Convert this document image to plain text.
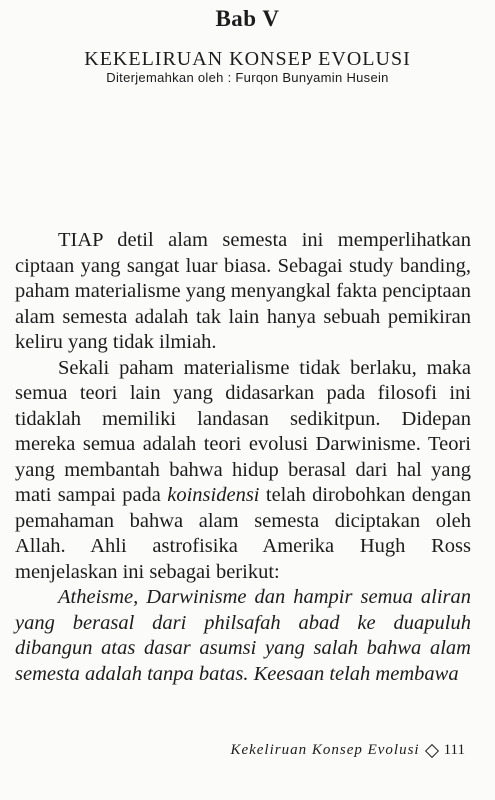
Bab V
KEKELIRUAN KONSEP EVOLUSI
Diterjemahkan oleh : Furqon Bunyamin Husein

TIAP detil alam semesta ini memperlihatkan ciptaan yang sangat luar biasa. Sebagai study banding, paham materialisme yang menyangkal fakta penciptaan alam semesta adalah tak lain hanya sebuah pemikiran keliru yang tidak ilmiah.

Sekali paham materialisme tidak berlaku, maka semua teori lain yang didasarkan pada filosofi ini tidaklah memiliki landasan sedikitpun. Didepan mereka semua adalah teori evolusi Darwinisme. Teori yang membantah bahwa hidup berasal dari hal yang mati sampai pada koinsidensi telah dirobohkan dengan pemahaman bahwa alam semesta diciptakan oleh Allah. Ahli astrofisika Amerika Hugh Ross menjelaskan ini sebagai berikut:

Atheisme, Darwinisme dan hampir semua aliran yang berasal dari philsafah abad ke duapuluh dibangun atas dasar asumsi yang salah bahwa alam semesta adalah tanpa batas. Keesaan telah membawa

Kekeliruan Konsep Evolusi 111
